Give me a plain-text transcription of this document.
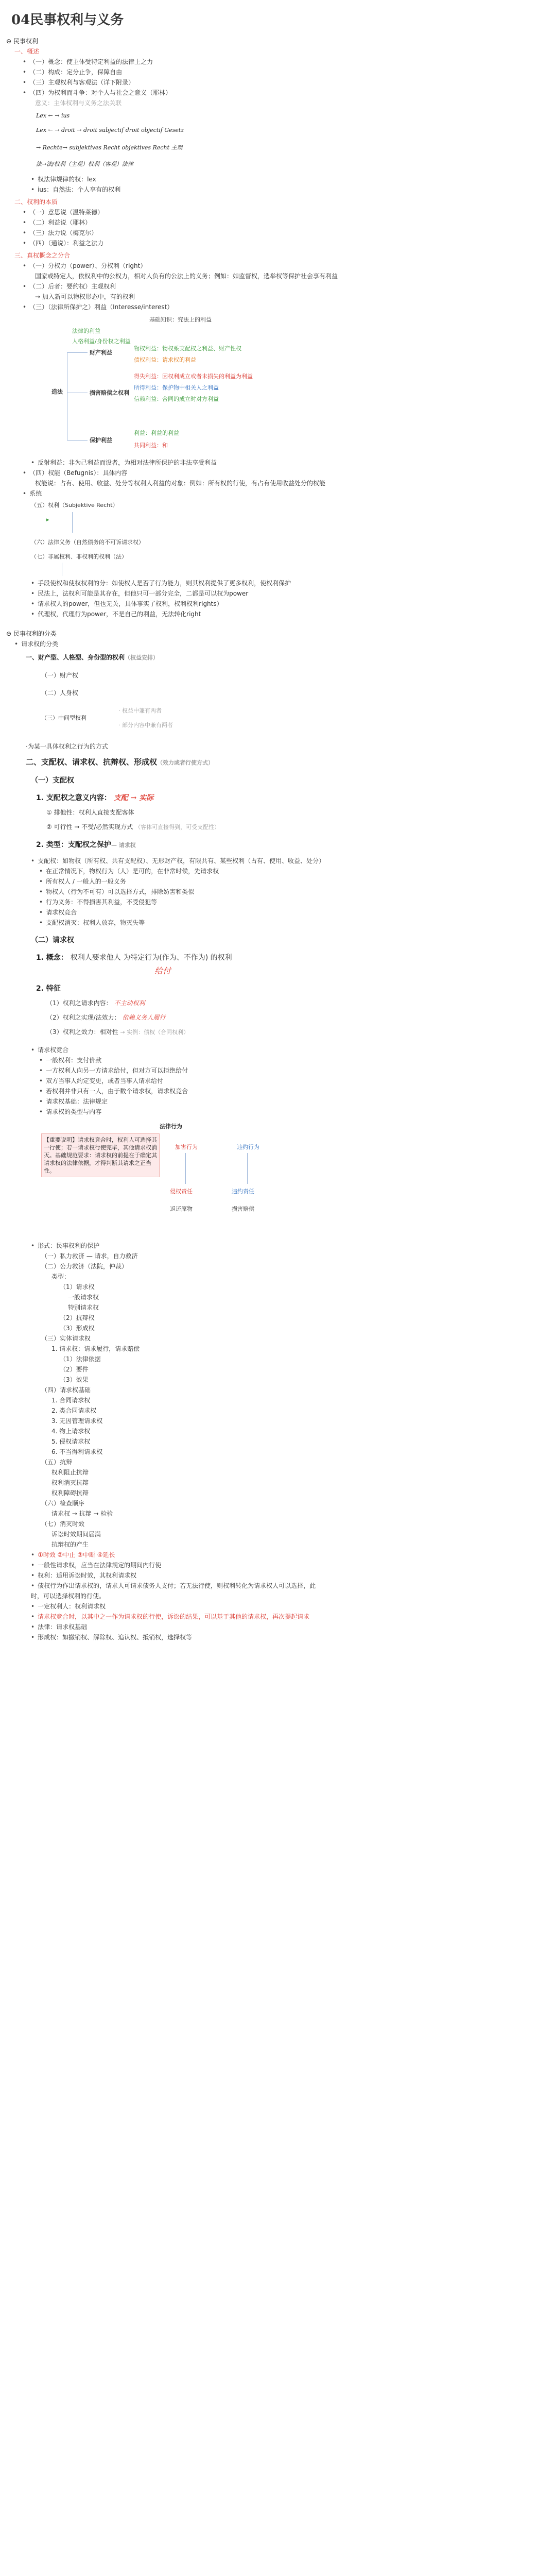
04民事权利与义务
⊖ 民事权利
一、概述
• （一）概念：使主体受特定利益的法律上之力
• （二）构成：定分止争，保障自由
• （三）主观权利与客观法（详下附录）
• （四）为权利而斗争：对个人与社会之意义（耶林）
意义：主体权利与义务之法关联
Lex ← → ius
Lex ← → droit → droit subjectif droit objectif Gesetz
→ Rechte→ subjektives Recht objektives Recht 主观
法→法/权利（主观）权利（客观）法律
• 权法律规律的权：lex
• ius：自然法：个人享有的权利
二、权利的本质
• （一）意思说（温特莱德）
• （二）利益说（耶林）
• （三）法力说（梅克尔）
• （四）（通说）：利益之法力
三、真权概念之分合
• （一）分权力（power）、分权利（right）
国家或特定人，依权利中的公权力，相对人负有的公法上的义务；例如：如监督权，选举权等保护社会享有利益
• （二）后者：要约权）主观权利
→ 加入新可以物权形态中，有的权利
• （三）（法律所保护之）利益（Interesse/interest）
基础知识：究法上的利益
法律的利益
人格利益/身份权之利益
造法
财产利益
物权利益：物权系支配权之利益、财产性权
债权利益：请求权的利益
损害赔偿之权利
得失利益：因权利成立或者未损失的利益为利益
所得利益：保护物中相关人之利益
信赖利益：合同的成立时对方利益
保护利益
利益：利益的利益
共同利益：和
• 反射利益：非为己利益而设者，为相对法律所保护的非法享受利益
• （四）权能（Befugnis）：具体内容
权能说：占有、使用、收益、处分等权利人利益的对象：例如：所有权的行使，有占有使用收益处分的权能
• 系统
（五）权利（Subjektive Recht）
▸
（六）法律义务（自然债务的不可诉请求权）
（七）非属权利、非权利的权利（法）
• 手段使权和使权权利的分：如使权人是否了行为能力，则其权利提供了更多权利，使权利保护
• 民法上，法权利可能是其存在，但他只可一部分完全，二都是可以权为power
• 请求权人的power，但也无关，具体事实了权利，权利权利rights）
• 代理权，代理行为power，不是自己的利益，无法转化right
⊖ 民事权利的分类
• 请求权的分类
一、财产型、人格型、身份型的权利（权益安排）
（一）财产权
（二）人身权
（三）中间型权利
· 权益中兼有两者
· 部分内容中兼有两者
·为某一具体权利之行为的方式
二、支配权、请求权、抗辩权、形成权（效力或者行使方式）
（一）支配权
1. 支配权之意义内容： 支配 → 实际
① 排他性：权利人直接支配客体
② 可行性 → 不受/必然实现方式 （客体可直接得到，可受支配性）
2. 类型：支配权之保护— 请求权
• 支配权：如物权（所有权、共有支配权）、无形财产权，有限共有、某些权利（占有、使用、收益、处分）
• 在正常情况下，物权行为（人）是可的，在非常时候，先请求权
• 所有权人 / 一般人的一般义务
• 物权人（行为不可有）可以选择方式，排除妨害和类似
• 行为义务：不得损害其利益，不受侵犯等
• 请求权竞合
• 支配权消灭：权利人放弃，物灭失等
（二）请求权
1. 概念： 权利人要求他人 为特定行为(作为、不作为) 的权利
给付
2. 特征
（1）权利之请求内容： 不主动权利
（2）权利之实现/法效力： 依赖义务人履行
（3）权利之效力：相对性 → 实例：债权（合同权利）
• 请求权竞合
• 一般权利：支付价款
• 一方权利人向另一方请求给付，但对方可以拒绝给付
• 双方当事人约定变更，或者当事人请求给付
• 若权利并非只有一人，由于数个请求权，请求权竞合
• 请求权基础：法律规定
• 请求权的类型与内容
法律行为
【重要说明】请求权竞合时，权利人可选择其一行使；若一请求权行使完毕，其他请求权消灭。基础规范要求：请求权的前提在于确定其请求权的法律依据，才得判断其请求之正当性。
加害行为	违约行为
侵权责任	违约责任
返还原物	损害赔偿
• 形式：民事权利的保护
（一）私力救济 — 请求，自力救济
（二）公力救济（法院，仲裁）
类型：
（1）请求权
一般请求权
特别请求权
（2）抗辩权
（3）形成权
（三）实体请求权
1. 请求权：请求履行，请求赔偿
（1）法律依据
（2）要件
（3）效果
（四）请求权基础
1. 合同请求权
2. 类合同请求权
3. 无因管理请求权
4. 物上请求权
5. 侵权请求权
6. 不当得利请求权
（五）抗辩
权利阻止抗辩
权利消灭抗辩
权利障碍抗辩
（六）检查顺序
请求权 → 抗辩 → 检验
（七）消灭时效
诉讼时效期间届满
抗辩权的产生
• ①时效 ②中止 ③中断 ④延长
• 一般性请求权，应当在法律规定的期间内行使
• 权利：适用诉讼时效，其权利请求权
• 债权行为作出请求权的，请求人可请求债务人支付；若无法行使，则权利转化为请求权人可以选择，此时，可以选择权利的行使。
• 一定权利人：权利请求权
• 请求权竞合时，以其中之一作为请求权的行使，诉讼的结果，可以基于其他的请求权，再次提起请求
• 法律：请求权基础
• 形成权：如撤销权、解除权、追认权、抵销权，选择权等
